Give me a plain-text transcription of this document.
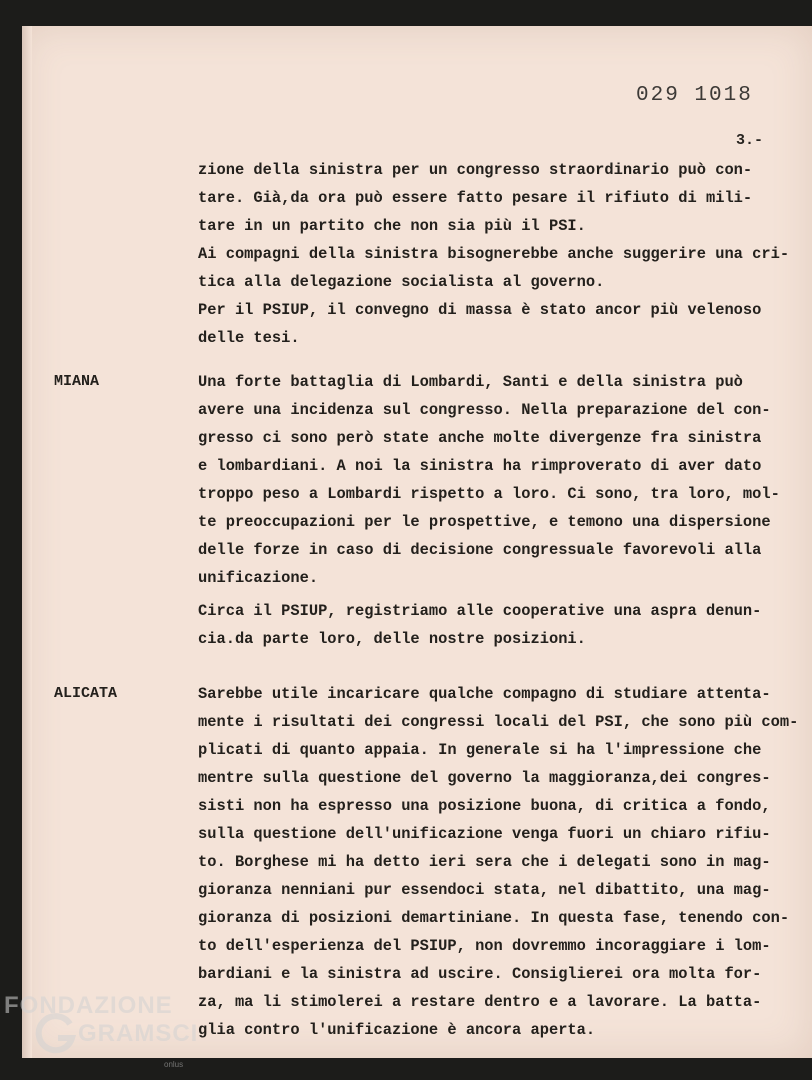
029 1018
3.-
zione della sinistra per un congresso straordinario può con-
tare. Già,da ora può essere fatto pesare il rifiuto di mili-
tare in un partito che non sia più il PSI.
Ai compagni della sinistra bisognerebbe anche suggerire una cri-
tica alla delegazione socialista al governo.
Per il PSIUP, il convegno di massa è stato ancor più velenoso
delle tesi.
MIANA	Una forte battaglia di Lombardi, Santi e della sinistra può
avere una incidenza sul congresso. Nella preparazione del con-
gresso ci sono però state anche molte divergenze fra sinistra
e lombardiani. A noi la sinistra ha rimproverato di aver dato
troppo peso a Lombardi rispetto a loro. Ci sono, tra loro, mol-
te preoccupazioni per le prospettive, e temono una dispersione
delle forze in caso di decisione congressuale favorevoli alla
unificazione.
Circa il PSIUP, registriamo alle cooperative una aspra denun-
cia.da parte loro, delle nostre posizioni.
ALICATA	Sarebbe utile incaricare qualche compagno di studiare attenta-
mente i risultati dei congressi locali del PSI, che sono più com-
plicati di quanto appaia. In generale si ha l'impressione che
mentre sulla questione del governo la maggioranza,dei congres-
sisti non ha espresso una posizione buona, di critica a fondo,
sulla questione dell'unificazione venga fuori un chiaro rifiu-
to. Borghese mi ha detto ieri sera che i delegati sono in mag-
gioranza nenniani pur essendoci stata, nel dibattito, una mag-
gioranza di posizioni demartiniane. In questa fase, tenendo con-
to dell'esperienza del PSIUP, non dovremmo incoraggiare i lom-
bardiani e la sinistra ad uscire. Consiglierei ora molta for-
za, ma li stimolerei a restare dentro e a lavorare. La batta-
glia contro l'unificazione è ancora aperta.
FONDAZIONE
GRAMSCI
onlus
